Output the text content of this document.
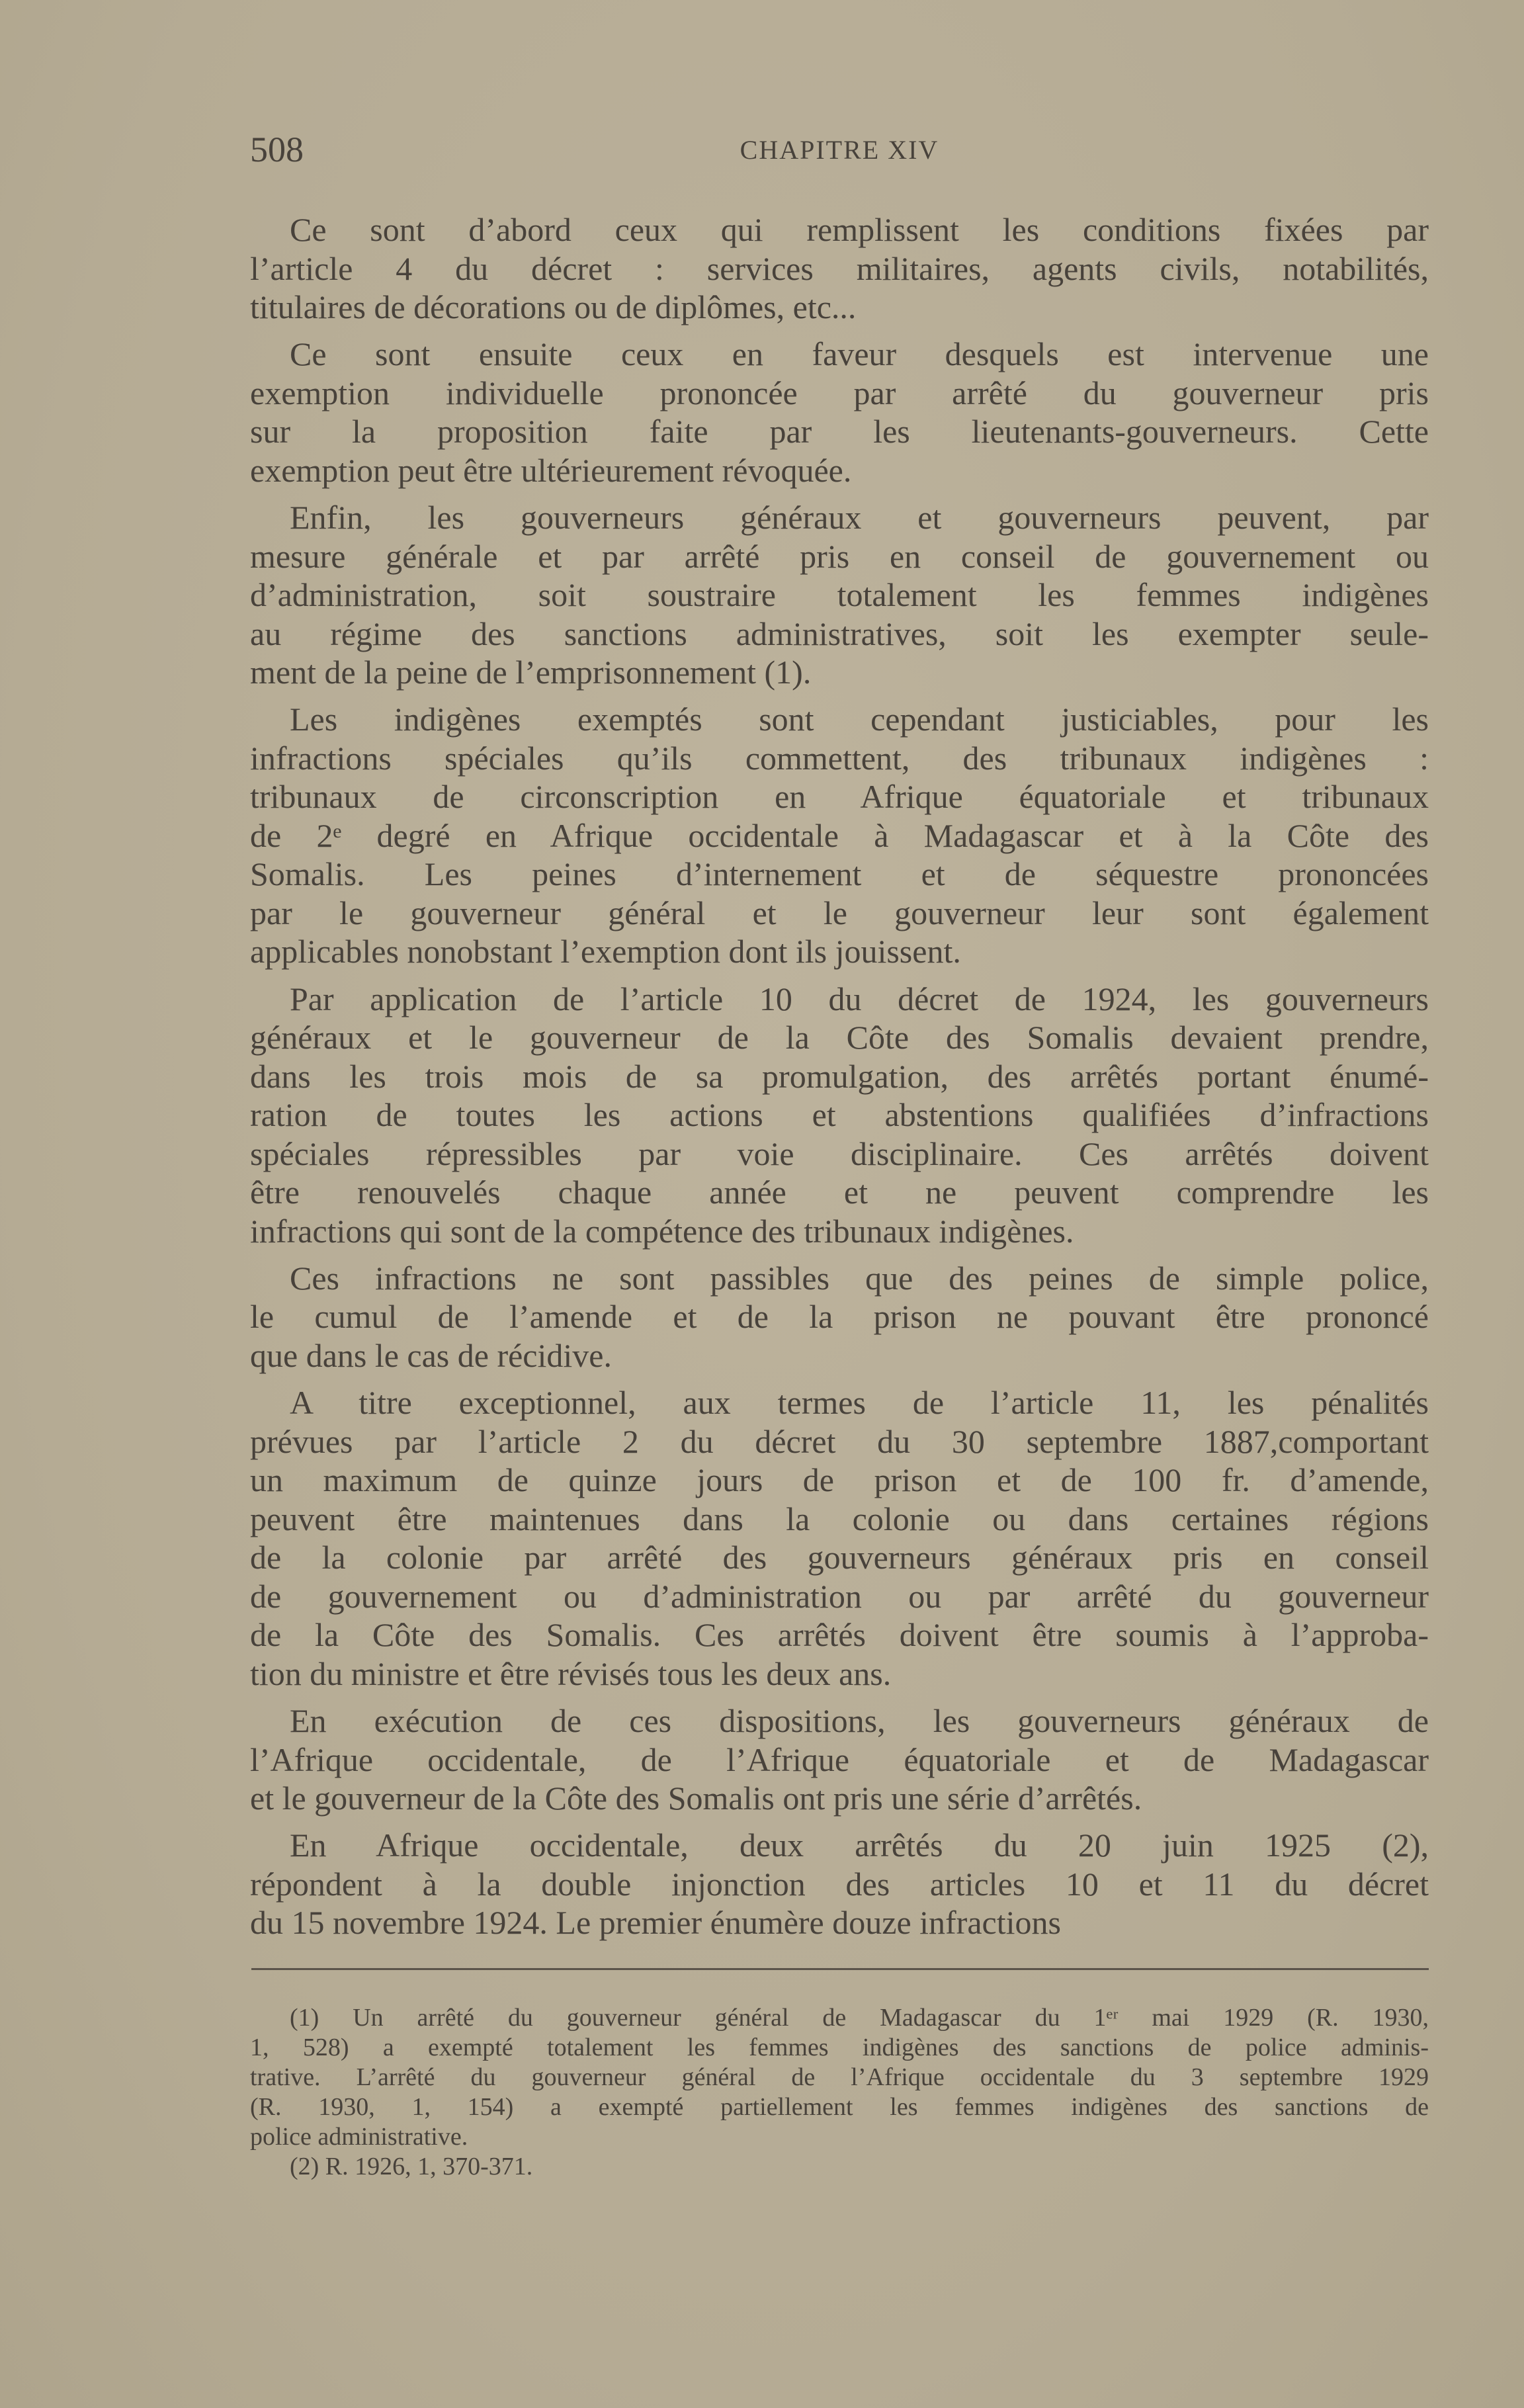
508	CHAPITRE XIV
Ce sont d’abord ceux qui remplissent les conditions fixées par
l’article 4 du décret : services militaires, agents civils, notabilités,
titulaires de décorations ou de diplômes, etc...
Ce sont ensuite ceux en faveur desquels est intervenue une
exemption individuelle prononcée par arrêté du gouverneur pris
sur la proposition faite par les lieutenants-gouverneurs. Cette
exemption peut être ultérieurement révoquée.
Enfin, les gouverneurs généraux et gouverneurs peuvent, par
mesure générale et par arrêté pris en conseil de gouvernement ou
d’administration, soit soustraire totalement les femmes indigènes
au régime des sanctions administratives, soit les exempter seule-
ment de la peine de l’emprisonnement (1).
Les indigènes exemptés sont cependant justiciables, pour les
infractions spéciales qu’ils commettent, des tribunaux indigènes :
tribunaux de circonscription en Afrique équatoriale et tribunaux
de 2ᵉ degré en Afrique occidentale à Madagascar et à la Côte des
Somalis. Les peines d’internement et de séquestre prononcées
par le gouverneur général et le gouverneur leur sont également
applicables nonobstant l’exemption dont ils jouissent.
Par application de l’article 10 du décret de 1924, les gouverneurs
généraux et le gouverneur de la Côte des Somalis devaient prendre,
dans les trois mois de sa promulgation, des arrêtés portant énumé-
ration de toutes les actions et abstentions qualifiées d’infractions
spéciales répressibles par voie disciplinaire. Ces arrêtés doivent
être renouvelés chaque année et ne peuvent comprendre les
infractions qui sont de la compétence des tribunaux indigènes.
Ces infractions ne sont passibles que des peines de simple police,
le cumul de l’amende et de la prison ne pouvant être prononcé
que dans le cas de récidive.
A titre exceptionnel, aux termes de l’article 11, les pénalités
prévues par l’article 2 du décret du 30 septembre 1887,comportant
un maximum de quinze jours de prison et de 100 fr. d’amende,
peuvent être maintenues dans la colonie ou dans certaines régions
de la colonie par arrêté des gouverneurs généraux pris en conseil
de gouvernement ou d’administration ou par arrêté du gouverneur
de la Côte des Somalis. Ces arrêtés doivent être soumis à l’approba-
tion du ministre et être révisés tous les deux ans.
En exécution de ces dispositions, les gouverneurs généraux de
l’Afrique occidentale, de l’Afrique équatoriale et de Madagascar
et le gouverneur de la Côte des Somalis ont pris une série d’arrêtés.
En Afrique occidentale, deux arrêtés du 20 juin 1925 (2),
répondent à la double injonction des articles 10 et 11 du décret
du 15 novembre 1924. Le premier énumère douze infractions
(1) Un arrêté du gouverneur général de Madagascar du 1ᵉʳ mai 1929 (R. 1930,
1, 528) a exempté totalement les femmes indigènes des sanctions de police adminis-
trative. L’arrêté du gouverneur général de l’Afrique occidentale du 3 septembre 1929
(R. 1930, 1, 154) a exempté partiellement les femmes indigènes des sanctions de
police administrative.
(2) R. 1926, 1, 370-371.
